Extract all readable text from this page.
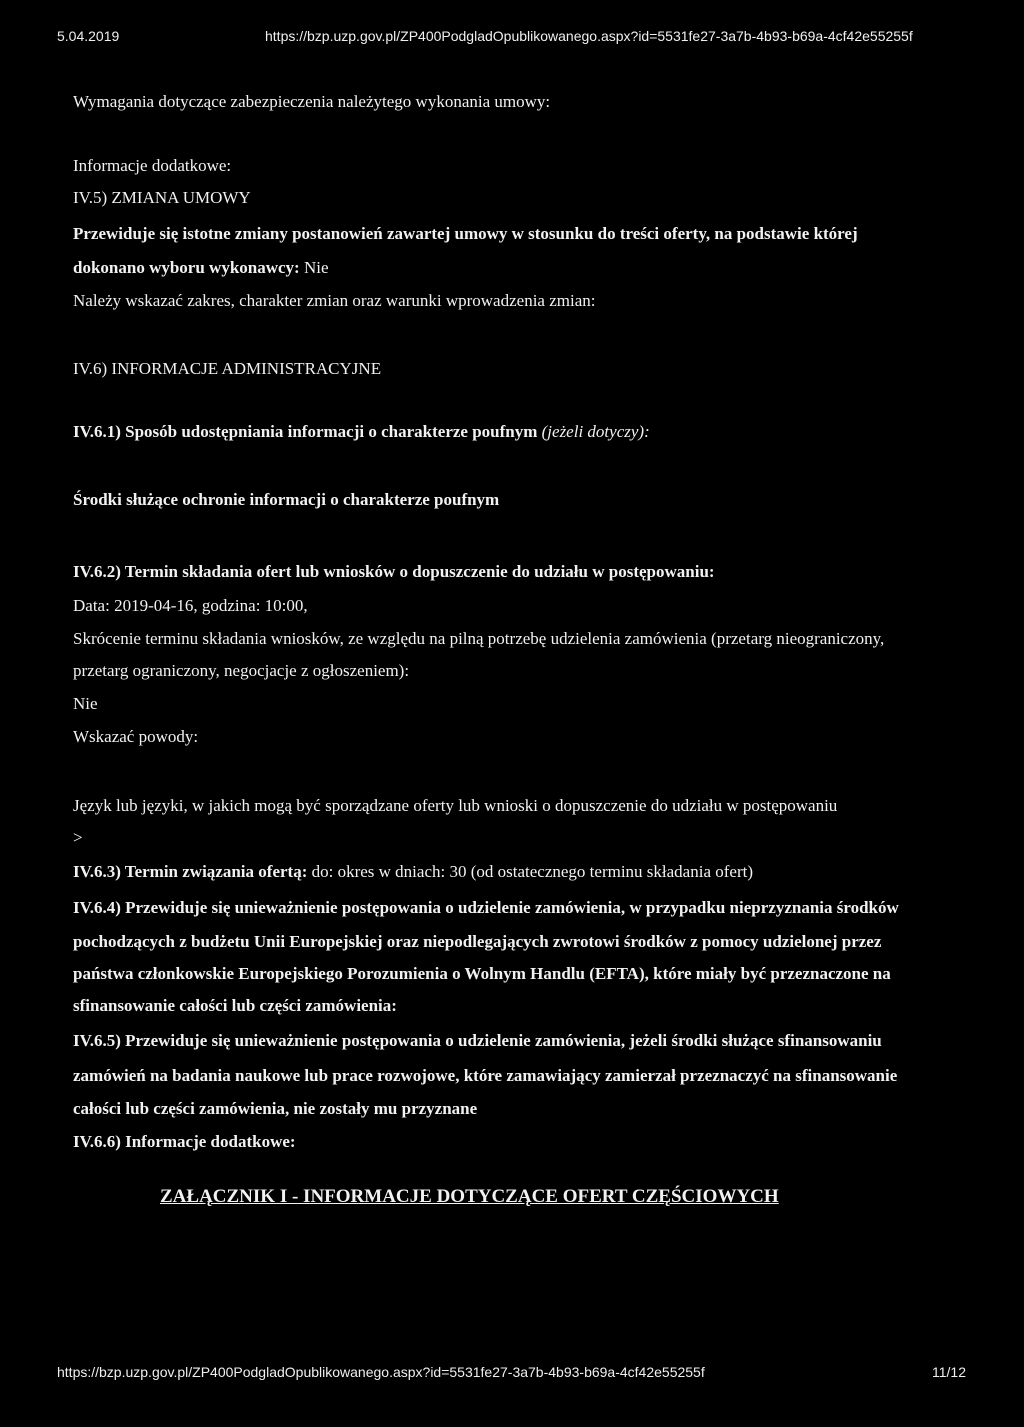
5.04.2019	https://bzp.uzp.gov.pl/ZP400PodgladOpublikowanego.aspx?id=5531fe27-3a7b-4b93-b69a-4cf42e55255f
Wymagania dotyczące zabezpieczenia należytego wykonania umowy:
Informacje dodatkowe:
IV.5) ZMIANA UMOWY
Przewiduje się istotne zmiany postanowień zawartej umowy w stosunku do treści oferty, na podstawie której
dokonano wyboru wykonawcy: Nie
Należy wskazać zakres, charakter zmian oraz warunki wprowadzenia zmian:
IV.6) INFORMACJE ADMINISTRACYJNE
IV.6.1) Sposób udostępniania informacji o charakterze poufnym (jeżeli dotyczy):
Środki służące ochronie informacji o charakterze poufnym
IV.6.2) Termin składania ofert lub wniosków o dopuszczenie do udziału w postępowaniu:
Data: 2019-04-16, godzina: 10:00,
Skrócenie terminu składania wniosków, ze względu na pilną potrzebę udzielenia zamówienia (przetarg nieograniczony,
przetarg ograniczony, negocjacje z ogłoszeniem):
Nie
Wskazać powody:
Język lub języki, w jakich mogą być sporządzane oferty lub wnioski o dopuszczenie do udziału w postępowaniu
>
IV.6.3) Termin związania ofertą: do: okres w dniach: 30 (od ostatecznego terminu składania ofert)
IV.6.4) Przewiduje się unieważnienie postępowania o udzielenie zamówienia, w przypadku nieprzyznania środków
pochodzących z budżetu Unii Europejskiej oraz niepodlegających zwrotowi środków z pomocy udzielonej przez
państwa członkowskie Europejskiego Porozumienia o Wolnym Handlu (EFTA), które miały być przeznaczone na
sfinansowanie całości lub części zamówienia:
IV.6.5) Przewiduje się unieważnienie postępowania o udzielenie zamówienia, jeżeli środki służące sfinansowaniu
zamówień na badania naukowe lub prace rozwojowe, które zamawiający zamierzał przeznaczyć na sfinansowanie
całości lub części zamówienia, nie zostały mu przyznane
IV.6.6) Informacje dodatkowe:
ZAŁĄCZNIK I - INFORMACJE DOTYCZĄCE OFERT CZĘŚCIOWYCH
https://bzp.uzp.gov.pl/ZP400PodgladOpublikowanego.aspx?id=5531fe27-3a7b-4b93-b69a-4cf42e55255f	11/12
